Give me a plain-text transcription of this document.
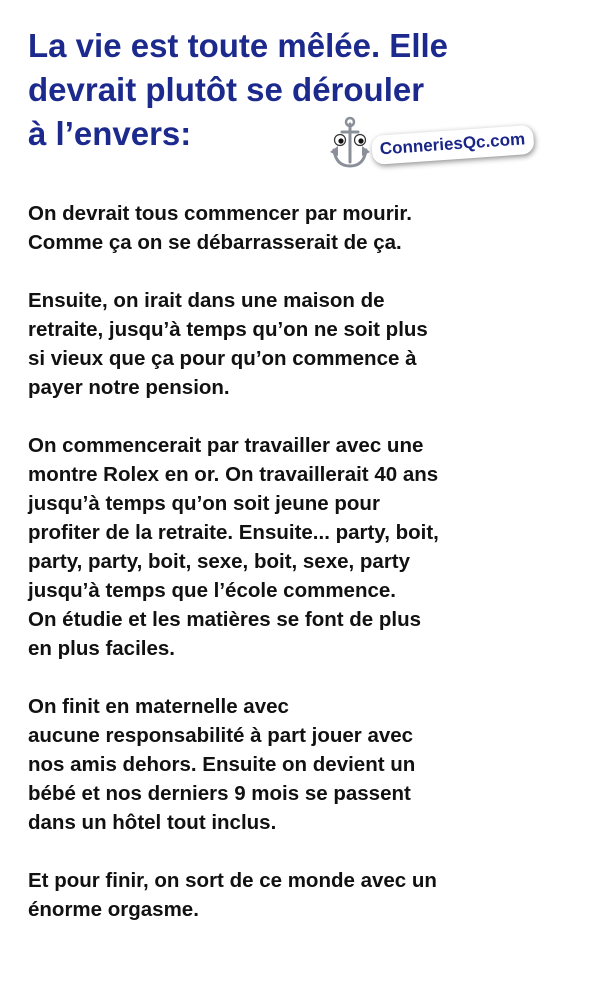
La vie est toute mêlée. Elle
devrait plutôt se dérouler
à l’envers:	ConneriesQc.com

On devrait tous commencer par mourir.
Comme ça on se débarrasserait de ça.

Ensuite, on irait dans une maison de
retraite, jusqu’à temps qu’on ne soit plus
si vieux que ça pour qu’on commence à
payer notre pension.

On commencerait par travailler avec une
montre Rolex en or. On travaillerait 40 ans
jusqu’à temps qu’on soit jeune pour
profiter de la retraite. Ensuite... party, boit,
party, party, boit, sexe, boit, sexe, party
jusqu’à temps que l’école commence.
On étudie et les matières se font de plus
en plus faciles.

On finit en maternelle avec
aucune responsabilité à part jouer avec
nos amis dehors. Ensuite on devient un
bébé et nos derniers 9 mois se passent
dans un hôtel tout inclus.

Et pour finir, on sort de ce monde avec un
énorme orgasme.
